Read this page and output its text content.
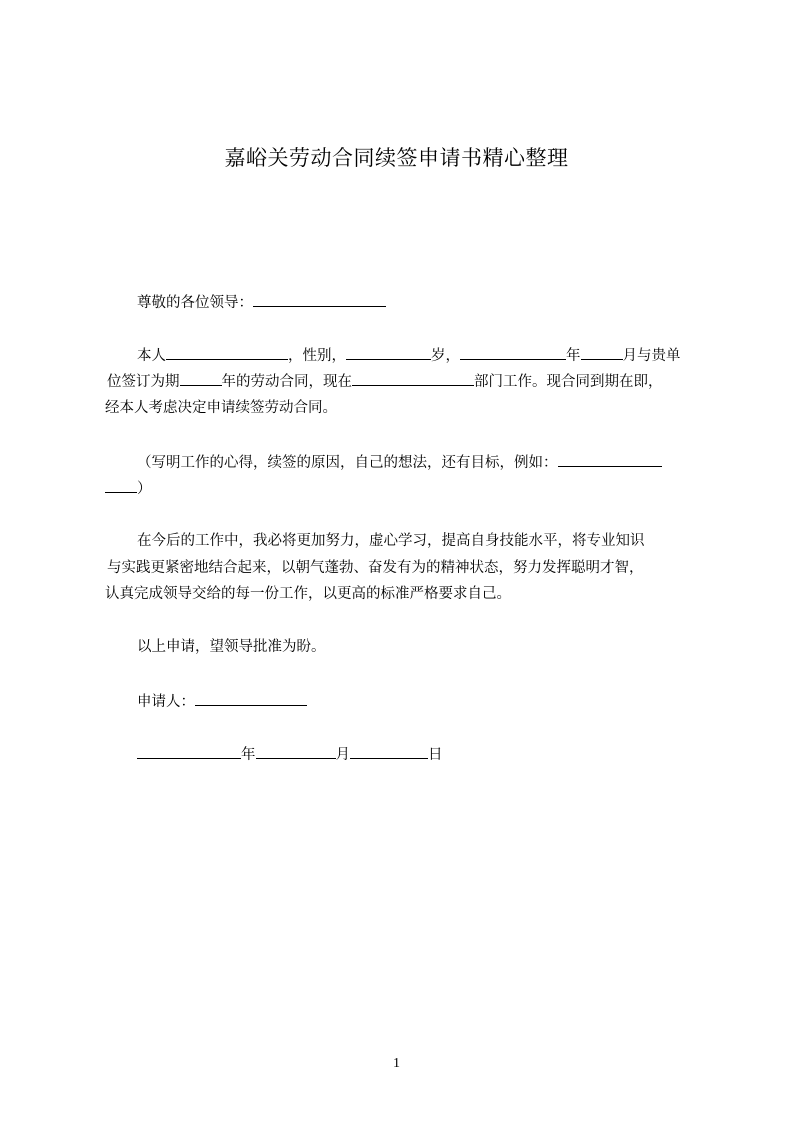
嘉峪关劳动合同续签申请书精心整理
尊敬的各位领导：
本人	，性别，	岁，	年	月与贵单
位签订为期	年的劳动合同，现在	部门工作。现合同到期在即，
经本人考虑决定申请续签劳动合同。
（写明工作的心得，续签的原因，自己的想法，还有目标，例如：
）
在今后的工作中，我必将更加努力，虚心学习，提高自身技能水平，将专业知识
与实践更紧密地结合起来，以朝气蓬勃、奋发有为的精神状态，努力发挥聪明才智，
认真完成领导交给的每一份工作，以更高的标准严格要求自己。
以上申请，望领导批准为盼。
申请人：
年	月	日
1
